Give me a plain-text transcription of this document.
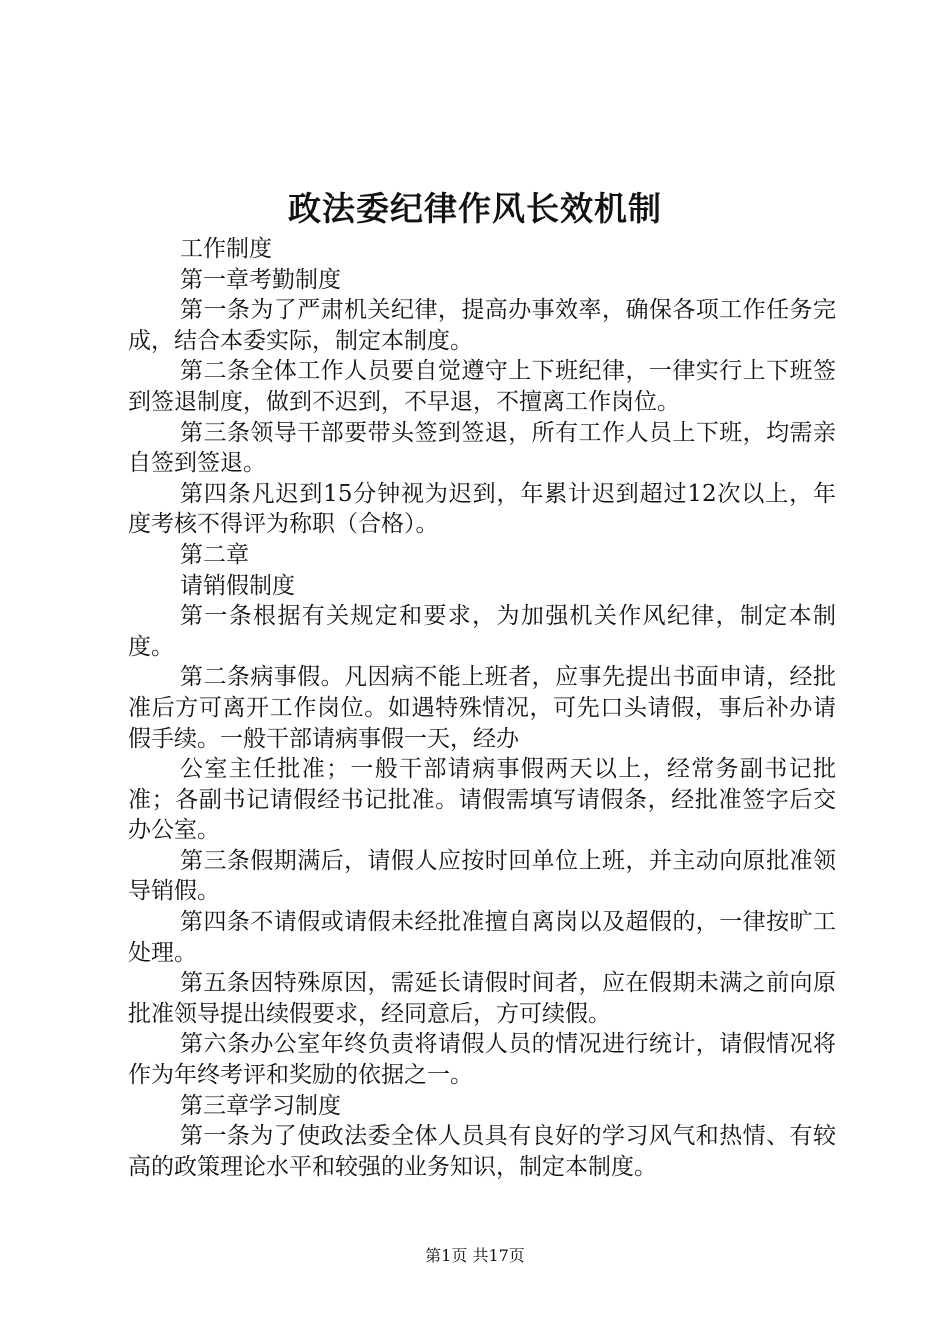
政法委纪律作风长效机制

工作制度

第一章考勤制度

第一条为了严肃机关纪律，提高办事效率，确保各项工作任务完成，结合本委实际，制定本制度。

第二条全体工作人员要自觉遵守上下班纪律，一律实行上下班签到签退制度，做到不迟到，不早退，不擅离工作岗位。

第三条领导干部要带头签到签退，所有工作人员上下班，均需亲自签到签退。

第四条凡迟到15分钟视为迟到，年累计迟到超过12次以上，年度考核不得评为称职（合格）。

第二章

请销假制度

第一条根据有关规定和要求，为加强机关作风纪律，制定本制度。

第二条病事假。凡因病不能上班者，应事先提出书面申请，经批准后方可离开工作岗位。如遇特殊情况，可先口头请假，事后补办请假手续。一般干部请病事假一天，经办

公室主任批准；一般干部请病事假两天以上，经常务副书记批准；各副书记请假经书记批准。请假需填写请假条，经批准签字后交办公室。

第三条假期满后，请假人应按时回单位上班，并主动向原批准领导销假。

第四条不请假或请假未经批准擅自离岗以及超假的，一律按旷工处理。

第五条因特殊原因，需延长请假时间者，应在假期未满之前向原批准领导提出续假要求，经同意后，方可续假。

第六条办公室年终负责将请假人员的情况进行统计，请假情况将作为年终考评和奖励的依据之一。

第三章学习制度

第一条为了使政法委全体人员具有良好的学习风气和热情、有较高的政策理论水平和较强的业务知识，制定本制度。

第1页 共17页
